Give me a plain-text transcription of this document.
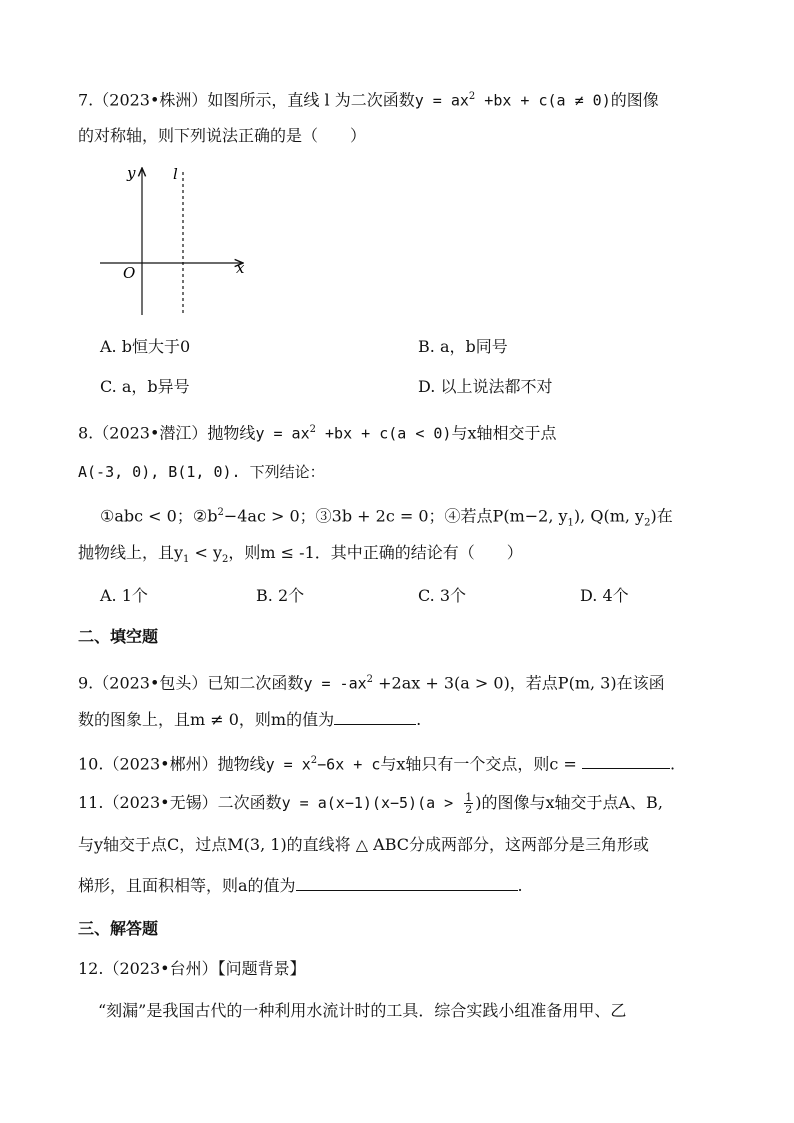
7.（2023•株洲）如图所示，直线 l 为二次函数$y = ax^2 +bx + c(a \ne 0)$的图像
的对称轴，则下列说法正确的是（　　）
y	l
O	x
A. b恒大于0	B. a，b同号
C. a，b异号	D. 以上说法都不对
8.（2023•潜江）抛物线$y = ax^2 +bx + c(a < 0)$与x轴相交于点
A(-3, 0), B(1, 0). 下列结论：
①abc < 0；$②b^2-4ac > 0$；③3b + 2c = 0；④若点P(m−2, $y_1$), Q(m, $y_2$)在
抛物线上，且$y_1 < y_2$，则m ≤ -1．其中正确的结论有（　　）
A. 1个	B. 2个	C. 3个	D. 4个
二、填空题
9.（2023•包头）已知二次函数$y = -ax^2 +2ax + 3(a > 0)$，若点P(m, 3)在该函
数的图象上，且m ≠ 0，则m的值为	.
10.（2023•郴州）抛物线$y = x^2-6x + c$与x轴只有一个交点，则c =	.
11.（2023•无锡）二次函数$y = a(x-1)(x-5)(a > \frac{1}{2}$ )的图像与x轴交于点A、B,
与y轴交于点C，过点M(3, 1)的直线将 △ ABC分成两部分，这两部分是三角形或
梯形，且面积相等，则a的值为	.
三、解答题
12.（2023•台州）【问题背景】
“刻漏”是我国古代的一种利用水流计时的工具．综合实践小组准备用甲、乙
